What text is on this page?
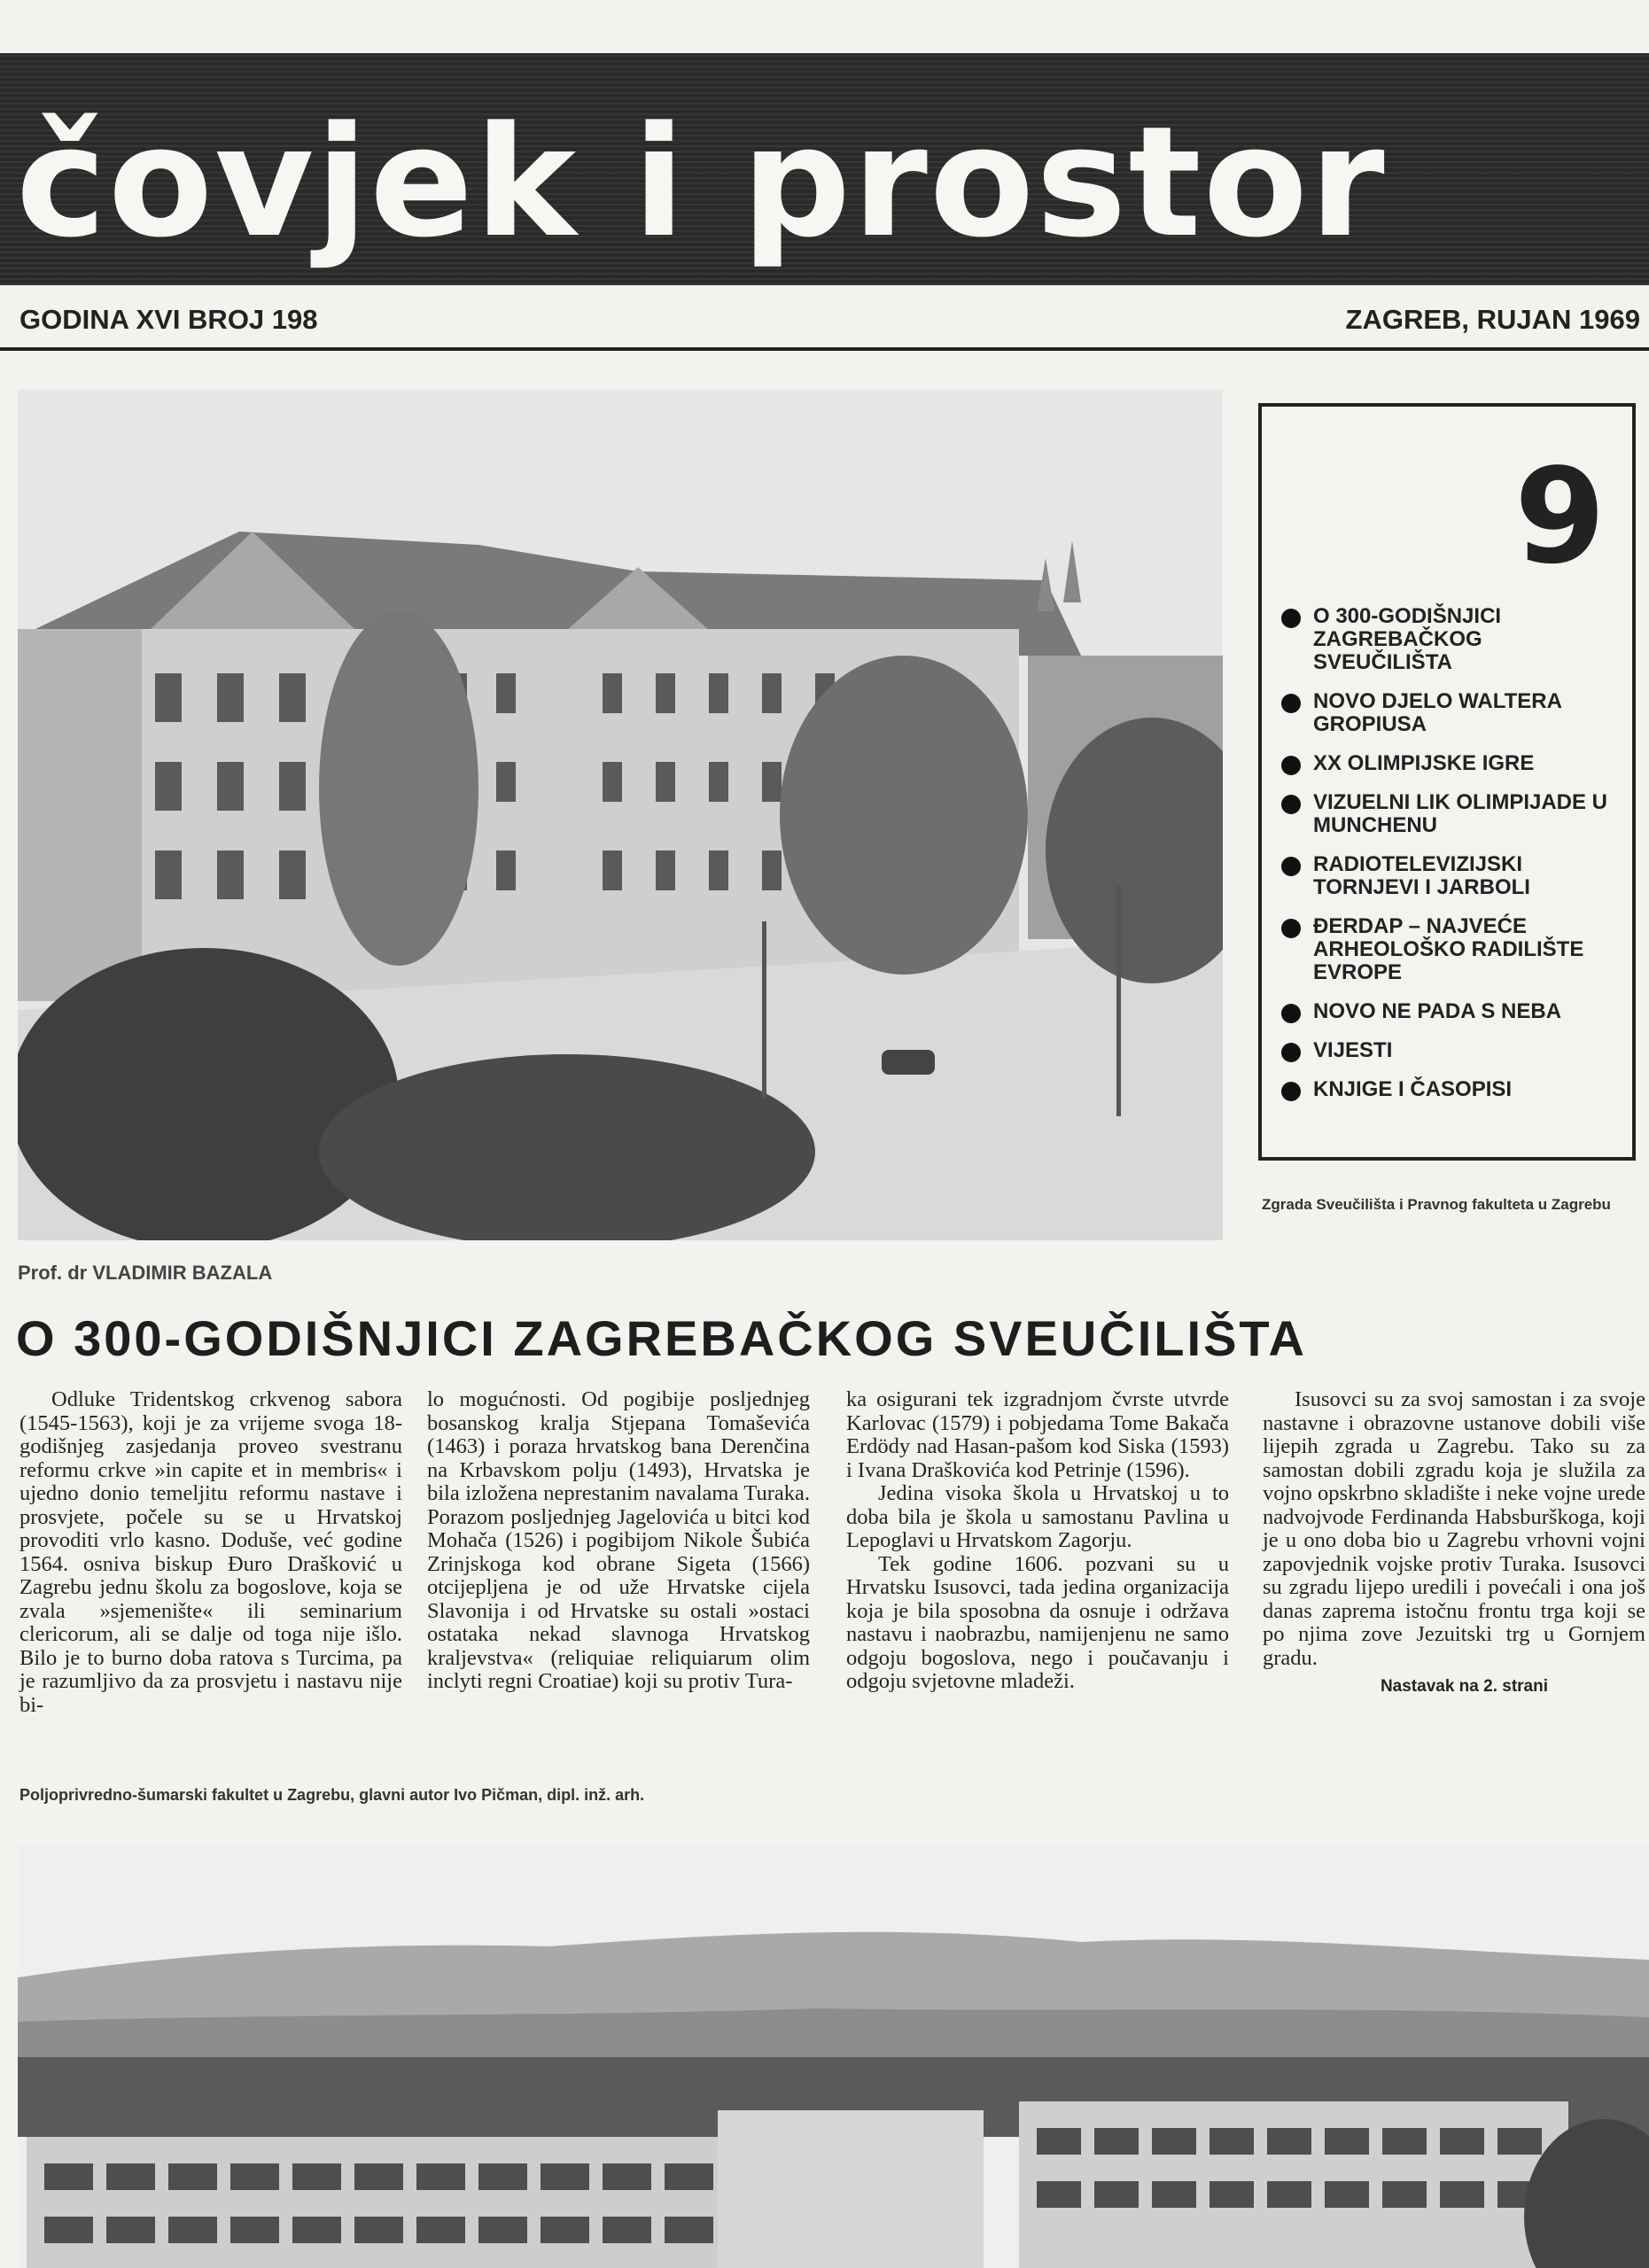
čovjek i prostor
GODINA XVI BROJ 198	ZAGREB, RUJAN 1969
9
O 300-GODIŠNJICI ZAGREBAČKOG SVEUČILIŠTA
NOVO DJELO WALTERA GROPIUSA
XX OLIMPIJSKE IGRE
VIZUELNI LIK OLIMPIJADE U MUNCHENU
RADIOTELEVIZIJSKI TORNJEVI I JARBOLI
ĐERDAP – NAJVEĆE ARHEOLOŠKO RADILIŠTE EVROPE
NOVO NE PADA S NEBA
VIJESTI
KNJIGE I ČASOPISI
Zgrada Sveučilišta i Pravnog fakulteta u Zagrebu
Prof. dr VLADIMIR BAZALA
O 300-GODIŠNJICI ZAGREBAČKOG SVEUČILIŠTA

Odluke Tridentskog crkvenog sabora (1545-1563), koji je za vrijeme svoga 18-godišnjeg zasjedanja proveo svestranu reformu crkve »in capite et in membris« i ujedno donio temeljitu reformu nastave i prosvjete, počele su se u Hrvatskoj provoditi vrlo kasno. Doduše, već godine 1564. osniva biskup Đuro Drašković u Zagrebu jednu školu za bogoslove, koja se zvala »sjemenište« ili seminarium clericorum, ali se dalje od toga nije išlo. Bilo je to burno doba ratova s Turcima, pa je razumljivo da za prosvjetu i nastavu nije bi-

lo mogućnosti. Od pogibije posljednjeg bosanskog kralja Stjepana Tomaševića (1463) i poraza hrvatskog bana Derenčina na Krbavskom polju (1493), Hrvatska je bila izložena neprestanim navalama Turaka. Porazom posljednjeg Jagelovića u bitci kod Mohača (1526) i pogibijom Nikole Šubića Zrinjskoga kod obrane Sigeta (1566) otcijepljena je od uže Hrvatske cijela Slavonija i od Hrvatske su ostali »ostaci ostataka nekad slavnoga Hrvatskog kraljevstva« (reliquiae reliquiarum olim inclyti regni Croatiae) koji su protiv Tura-

ka osigurani tek izgradnjom čvrste utvrde Karlovac (1579) i pobjedama Tome Bakača Erdödy nad Hasan-pašom kod Siska (1593) i Ivana Draškovića kod Petrinje (1596).

Jedina visoka škola u Hrvatskoj u to doba bila je škola u samostanu Pavlina u Lepoglavi u Hrvatskom Zagorju.

Tek godine 1606. pozvani su u Hrvatsku Isusovci, tada jedina organizacija koja je bila sposobna da osnuje i održava nastavu i naobrazbu, namijenjenu ne samo odgoju bogoslova, nego i poučavanju i odgoju svjetovne mladeži.

Isusovci su za svoj samostan i za svoje nastavne i obrazovne ustanove dobili više lijepih zgrada u Zagrebu. Tako su za samostan dobili zgradu koja je služila za vojno opskrbno skladište i neke vojne urede nadvojvode Ferdinanda Habsburškoga, koji je u ono doba bio u Zagrebu vrhovni vojni zapovjednik vojske protiv Turaka. Isusovci su zgradu lijepo uredili i povećali i ona još danas zaprema istočnu frontu trga koji se po njima zove Jezuitski trg u Gornjem gradu.

Nastavak na 2. strani
Poljoprivredno-šumarski fakultet u Zagrebu, glavni autor Ivo Pičman, dipl. inž. arh.
